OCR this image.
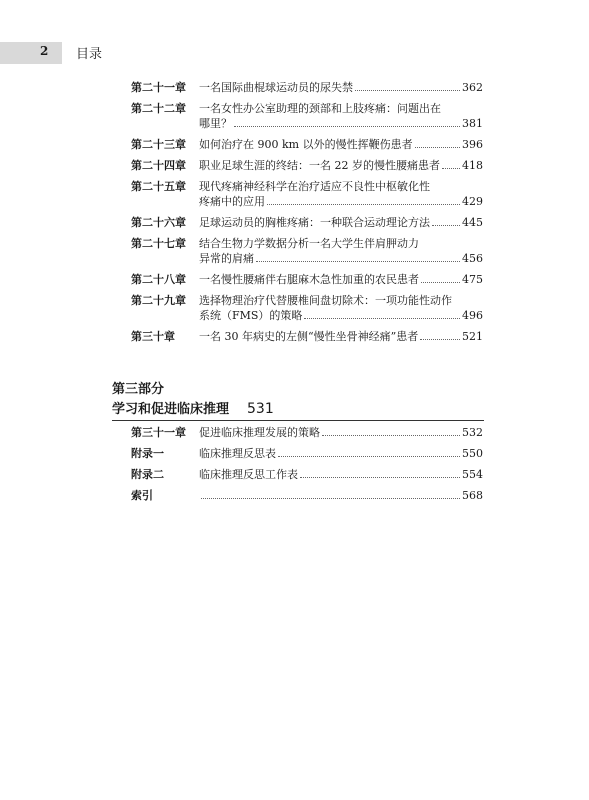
2 目录
第二十一章	一名国际曲棍球运动员的尿失禁	362
第二十二章	一名女性办公室助理的颈部和上肢疼痛：问题出在
哪里？	381
第二十三章	如何治疗在 900 km 以外的慢性挥鞭伤患者	396
第二十四章	职业足球生涯的终结：一名 22 岁的慢性腰痛患者 418
第二十五章	现代疼痛神经科学在治疗适应不良性中枢敏化性
疼痛中的应用	429
第二十六章	足球运动员的胸椎疼痛：一种联合运动理论方法	445
第二十七章	结合生物力学数据分析一名大学生伴肩胛动力
异常的肩痛	456
第二十八章	一名慢性腰痛伴右腿麻木急性加重的农民患者	475
第二十九章	选择物理治疗代替腰椎间盘切除术：一项功能性动作
系统（FMS）的策略	496
第三十章	一名 30 年病史的左侧“慢性坐骨神经痛”患者	521
第三部分
学习和促进临床推理 531
第三十一章	促进临床推理发展的策略	532
附录一	临床推理反思表	550
附录二	临床推理反思工作表	554
索引	568
